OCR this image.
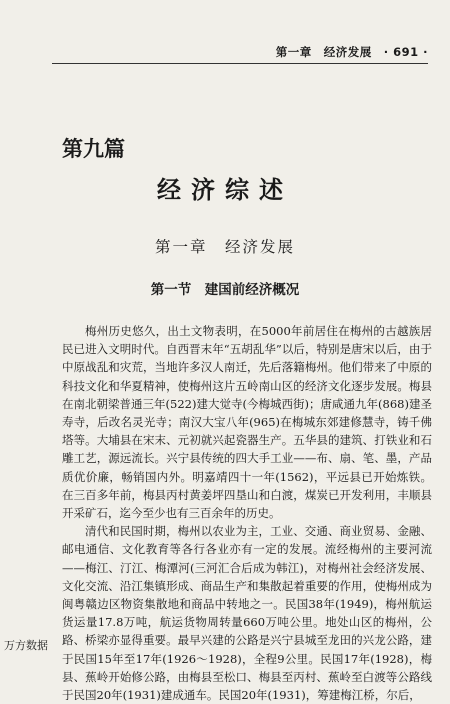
第一章　经济发展　· 691 ·
第九篇
经济综述
第一章　经济发展
第一节　建国前经济概况

梅州历史悠久，出土文物表明，在5000年前居住在梅州的古越族居民已进入文明时代。自西晋末年“五胡乱华”以后，特别是唐宋以后，由于中原战乱和灾荒，当地许多汉人南迁，先后落籍梅州。他们带来了中原的科技文化和华夏精神，使梅州这片五岭南山区的经济文化逐步发展。梅县在南北朝梁普通三年(522)建大觉寺(今梅城西街)；唐咸通九年(868)建圣寿寺，后改名灵光寺；南汉大宝八年(965)在梅城东郊建修慧寺，铸千佛塔等。大埔县在宋末、元初就兴起瓷器生产。五华县的建筑、打铁业和石雕工艺，源远流长。兴宁县传统的四大手工业——布、扇、笔、墨，产品质优价廉，畅销国内外。明嘉靖四十一年(1562)，平远县已开始炼铁。在三百多年前，梅县丙村黄姜坪四垦山和白渡，煤炭已开发利用，丰顺县开采矿石，迄今至少也有三百余年的历史。

清代和民国时期，梅州以农业为主，工业、交通、商业贸易、金融、邮电通信、文化教育等各行各业亦有一定的发展。流经梅州的主要河流——梅江、汀江、梅潭河(三河汇合后成为韩江)，对梅州社会经济发展、文化交流、沿江集镇形成、商品生产和集散起着重要的作用，使梅州成为闽粤赣边区物资集散地和商品中转地之一。民国38年(1949)，梅州航运货运量17.8万吨，航运货物周转量660万吨公里。地处山区的梅州，公路、桥梁亦显得重要。最早兴建的公路是兴宁县城至龙田的兴龙公路，建于民国15年至17年(1926～1928)，全程9公里。民国17年(1928)，梅县、蕉岭开始修公路，由梅县至松口、梅县至丙村、蕉岭至白渡等公路线于民国20年(1931)建成通车。民国20年(1931)，筹建梅江桥，尔后，

万方数据
